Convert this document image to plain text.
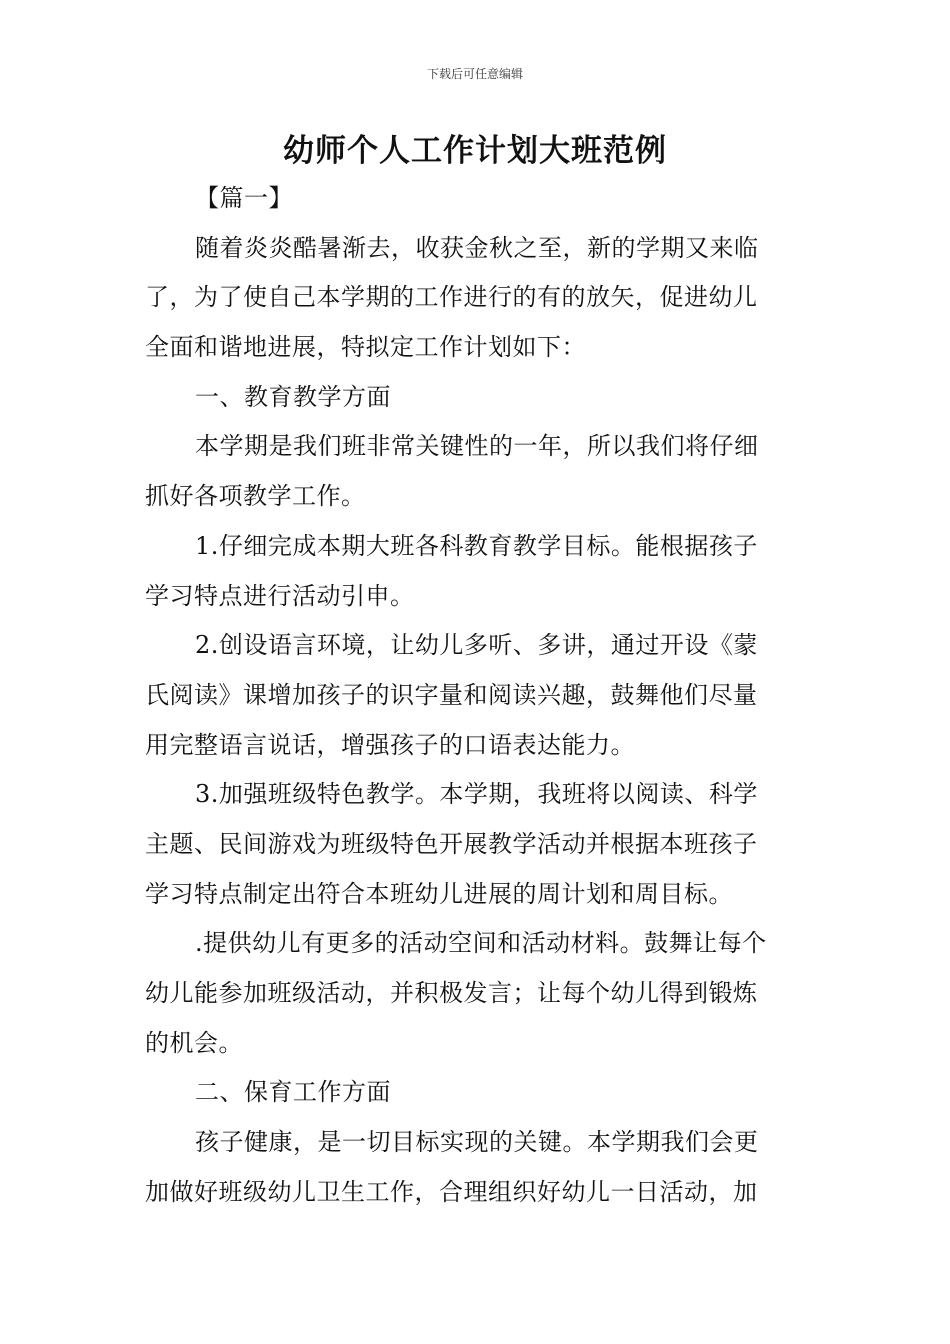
下载后可任意编辑
幼师个人工作计划大班范例
【篇一】
随着炎炎酷暑渐去，收获金秋之至，新的学期又来临
了，为了使自己本学期的工作进行的有的放矢，促进幼儿
全面和谐地进展，特拟定工作计划如下：
一、教育教学方面
本学期是我们班非常关键性的一年，所以我们将仔细
抓好各项教学工作。
1.仔细完成本期大班各科教育教学目标。能根据孩子
学习特点进行活动引申。
2.创设语言环境，让幼儿多听、多讲，通过开设《蒙
氏阅读》课增加孩子的识字量和阅读兴趣，鼓舞他们尽量
用完整语言说话，增强孩子的口语表达能力。
3.加强班级特色教学。本学期，我班将以阅读、科学
主题、民间游戏为班级特色开展教学活动并根据本班孩子
学习特点制定出符合本班幼儿进展的周计划和周目标。
.提供幼儿有更多的活动空间和活动材料。鼓舞让每个
幼儿能参加班级活动，并积极发言；让每个幼儿得到锻炼
的机会。
二、保育工作方面
孩子健康，是一切目标实现的关键。本学期我们会更
加做好班级幼儿卫生工作，合理组织好幼儿一日活动，加
